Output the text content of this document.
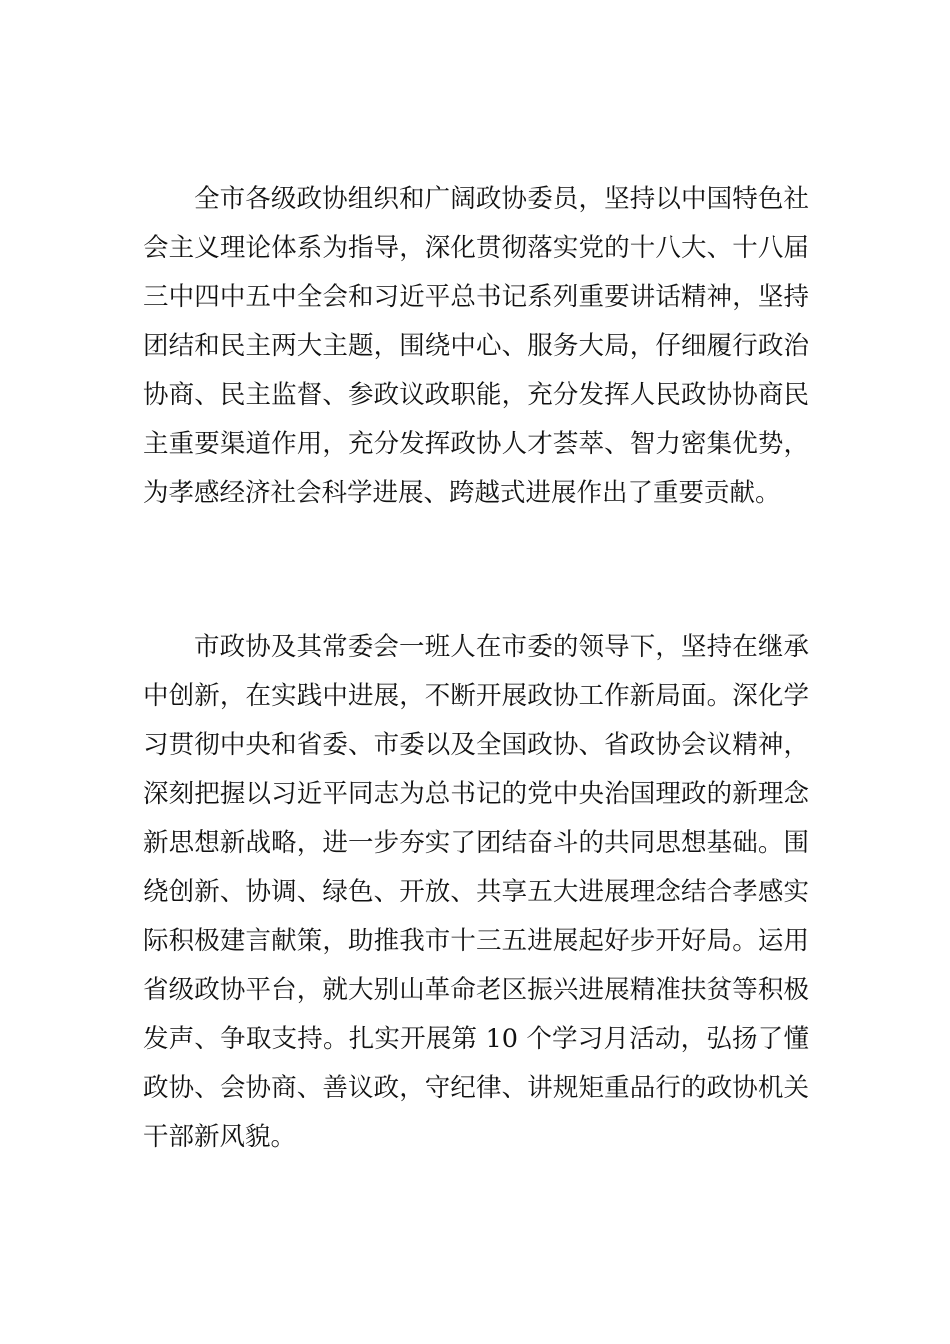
全市各级政协组织和广阔政协委员，坚持以中国特色社会主义理论体系为指导，深化贯彻落实党的十八大、十八届三中四中五中全会和习近平总书记系列重要讲话精神，坚持团结和民主两大主题，围绕中心、服务大局，仔细履行政治协商、民主监督、参政议政职能，充分发挥人民政协协商民主重要渠道作用，充分发挥政协人才荟萃、智力密集优势，为孝感经济社会科学进展、跨越式进展作出了重要贡献。

市政协及其常委会一班人在市委的领导下，坚持在继承中创新，在实践中进展，不断开展政协工作新局面。深化学习贯彻中央和省委、市委以及全国政协、省政协会议精神，深刻把握以习近平同志为总书记的党中央治国理政的新理念新思想新战略，进一步夯实了团结奋斗的共同思想基础。围绕创新、协调、绿色、开放、共享五大进展理念结合孝感实际积极建言献策，助推我市十三五进展起好步开好局。运用省级政协平台，就大别山革命老区振兴进展精准扶贫等积极发声、争取支持。扎实开展第 10 个学习月活动，弘扬了懂政协、会协商、善议政，守纪律、讲规矩重品行的政协机关干部新风貌。
